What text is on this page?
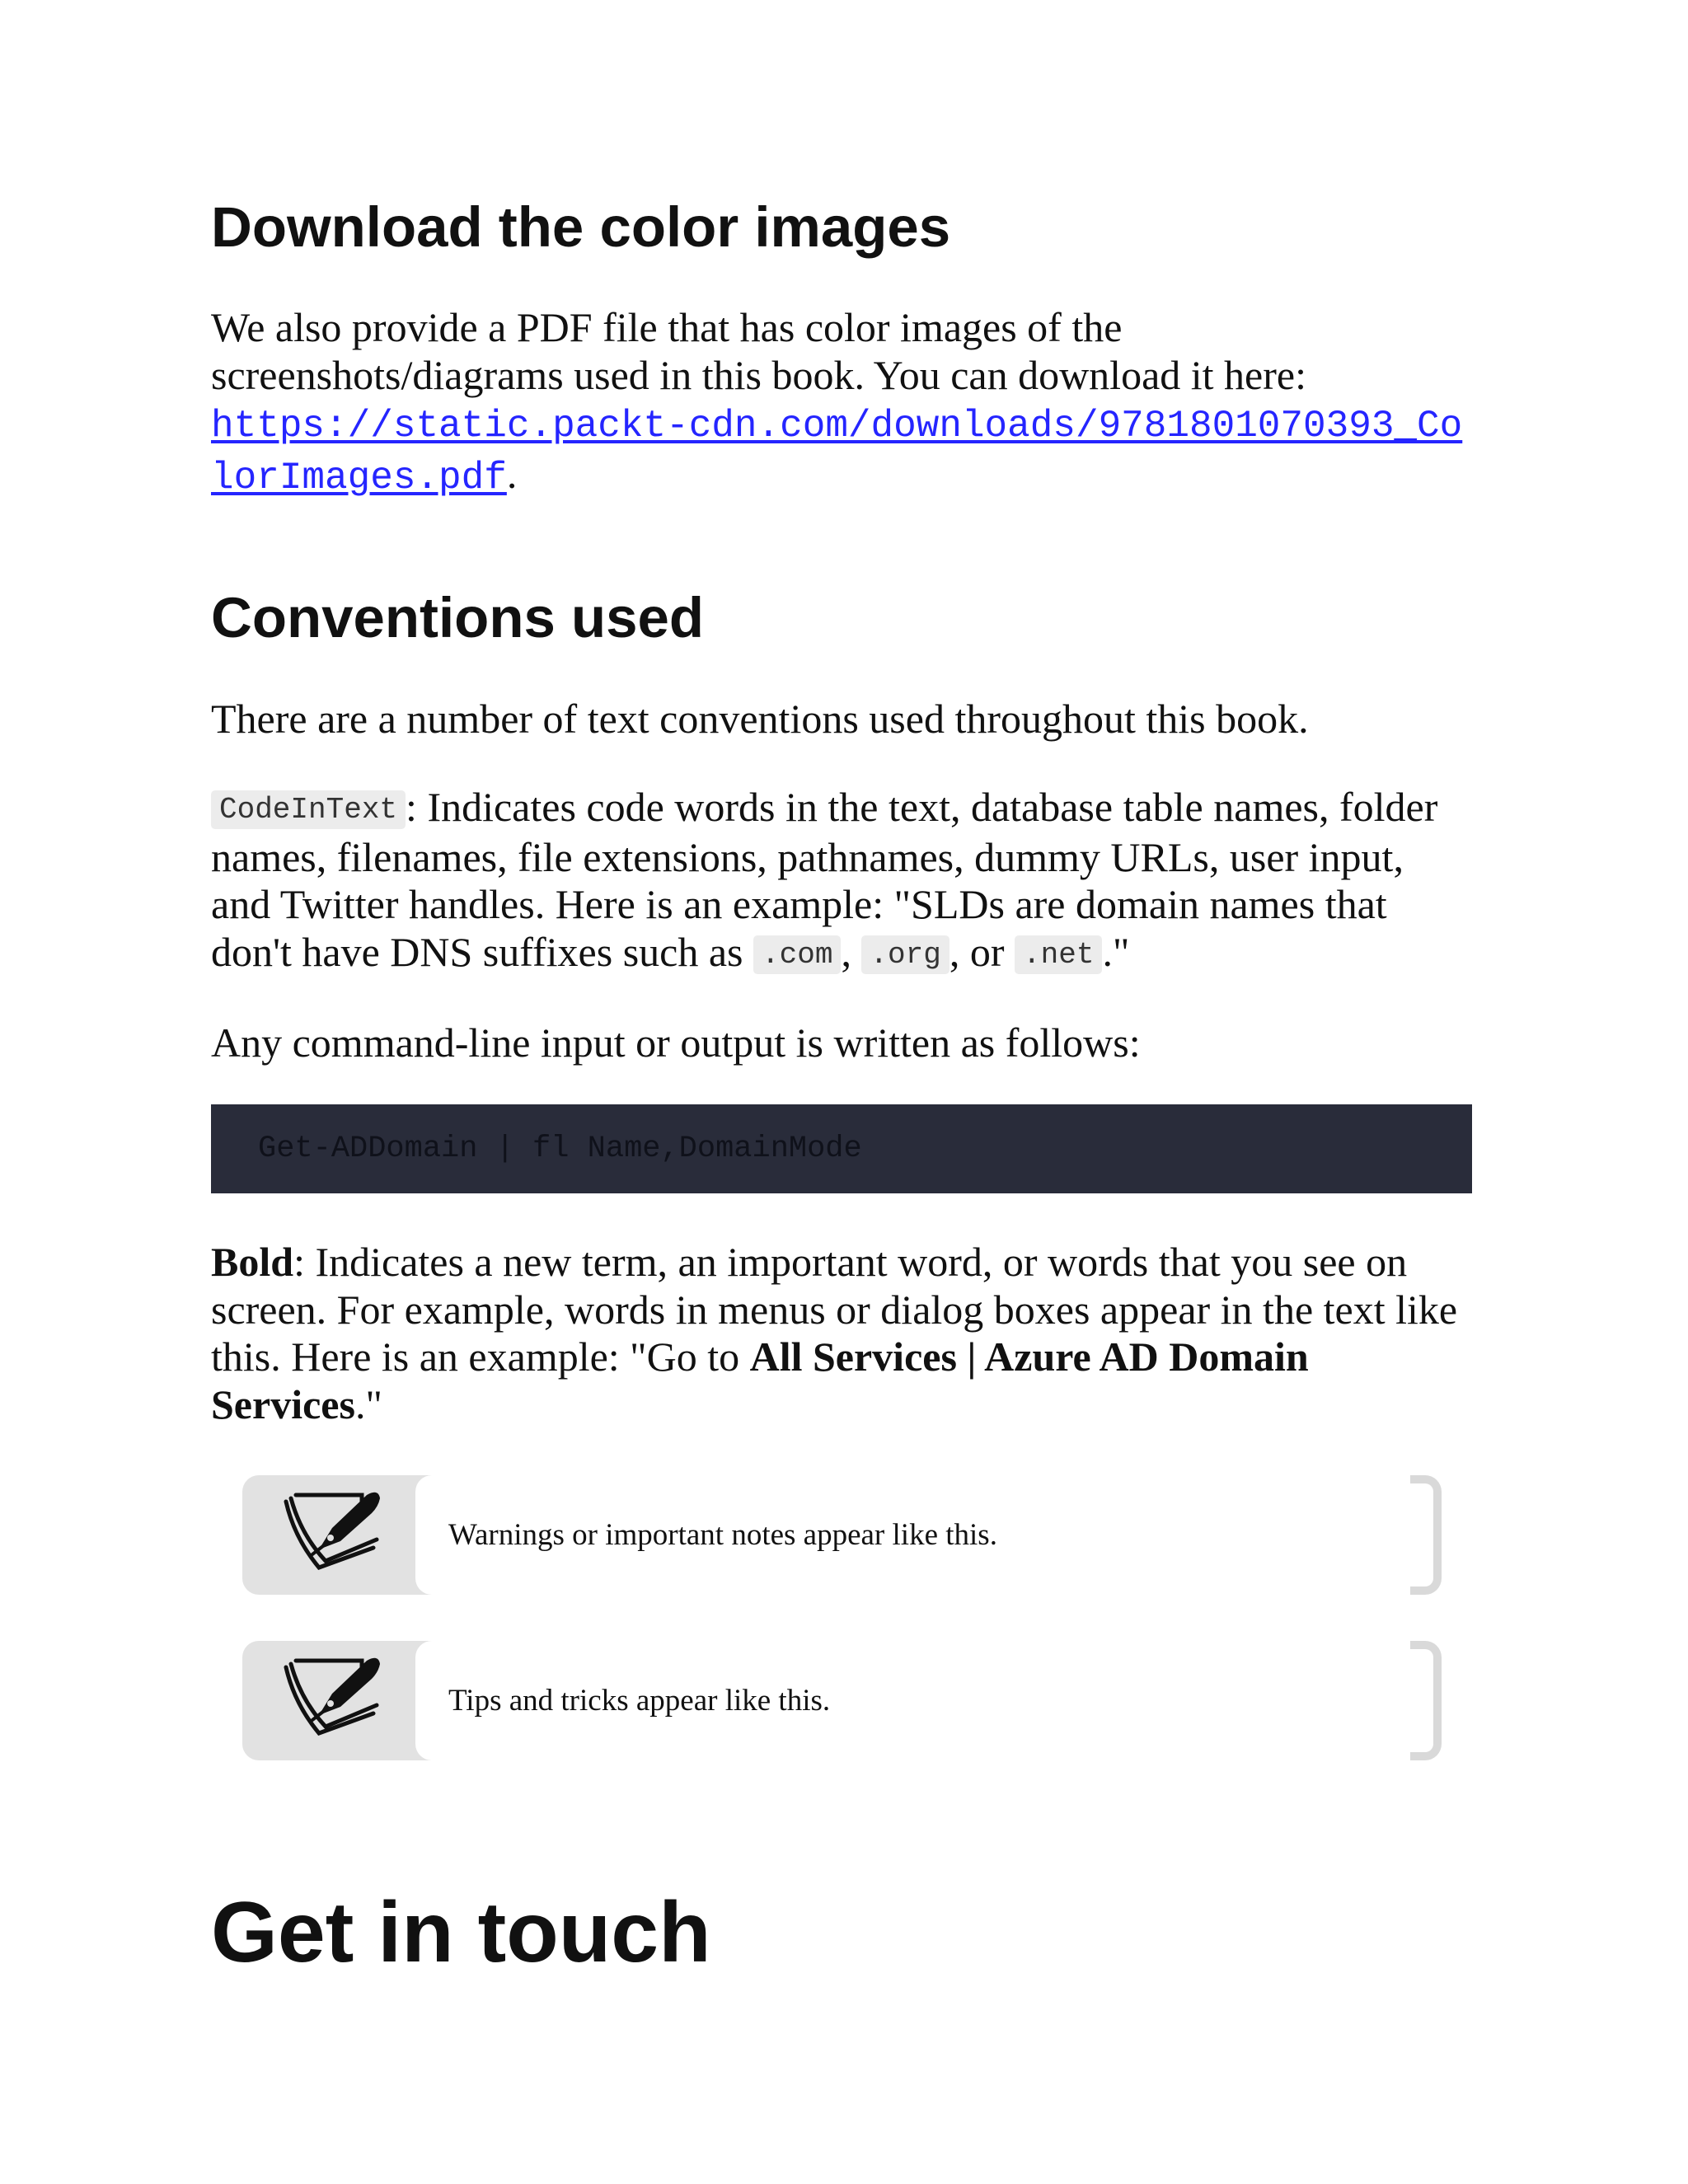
Download the color images

We also provide a PDF file that has color images of the screenshots/diagrams used in this book. You can download it here:
https://static.packt-cdn.com/downloads/9781801070393_ColorImages.pdf.

Conventions used

There are a number of text conventions used throughout this book.

CodeInText : Indicates code words in the text, database table names, folder names, filenames, file extensions, pathnames, dummy URLs, user input, and Twitter handles. Here is an example: "SLDs are domain names that don't have DNS suffixes such as .com , .org , or .net ."

Any command-line input or output is written as follows:

Get-ADDomain | fl Name,DomainMode

Bold: Indicates a new term, an important word, or words that you see on screen. For example, words in menus or dialog boxes appear in the text like this. Here is an example: "Go to All Services | Azure AD Domain Services."

Warnings or important notes appear like this.
Tips and tricks appear like this.
Get in touch
